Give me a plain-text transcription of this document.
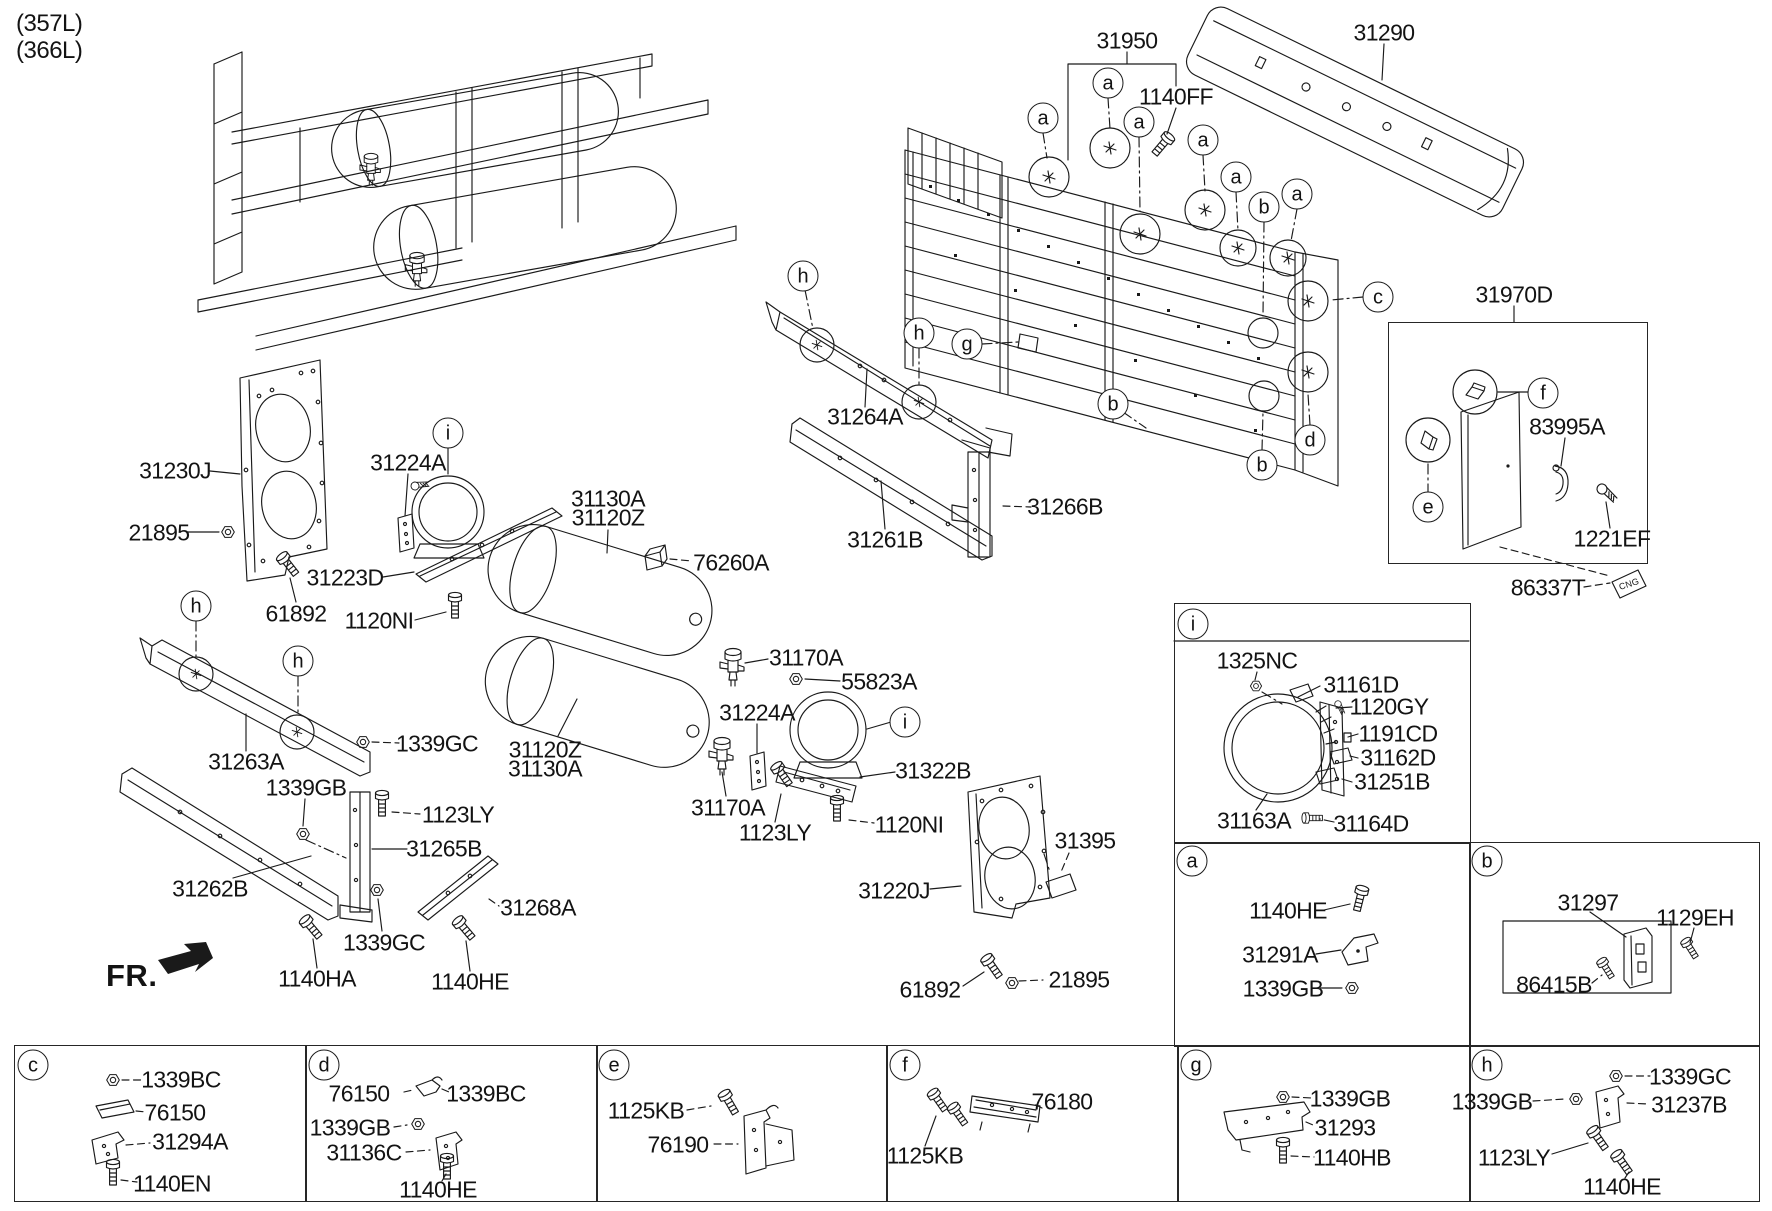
(357L)
(366L)
FR.
CNG
a
a
a
a
a
a
b
b
b
c
d
e
f
g
h
h
h
h
i
i
i
a	b
c	d	e	f	g	h
31950
1140FF
31290
31970D
83995A
1221EF
86337T
31230J
21895
31224A
31223D
61892 1120NI
31130A
31120Z
76260A
31170A
55823A
31224A
31120Z
31130A	31322B
31170A
1123LY	1120NI
31264A
31261B
31266B
31263A
1339GC
1339GB
1123LY
31265B
31262B
31268A
1339GC
1140HA	1140HE
31220J
31395
61892	21895
1325NC
31161D
1120GY
1191CD
31162D
31251B
31163A 31164D
1140HE
31291A
1339GB
31297
1129EH
86415B
1339BC
76150
31294A
1140EN
76150 1339BC
1339GB
31136C
1140HE
1125KB
76190
76180
1125KB
1339GB
31293
1140HB
1339GC
1339GB	31237B
1123LY
1140HE
